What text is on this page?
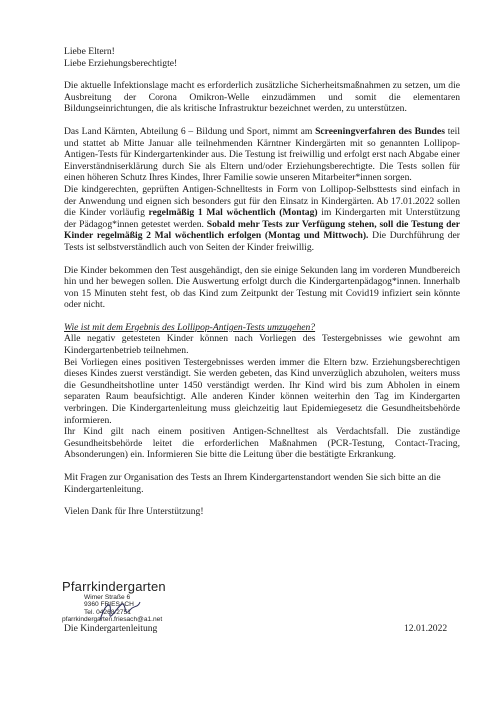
Liebe Eltern!
Liebe Erziehungsberechtigte!

Die aktuelle Infektionslage macht es erforderlich zusätzliche Sicherheitsmaßnahmen zu setzen, um die Ausbreitung der Corona Omikron-Welle einzudämmen und somit die elementaren Bildungseinrichtungen, die als kritische Infrastruktur bezeichnet werden, zu unterstützen.

Das Land Kärnten, Abteilung 6 – Bildung und Sport, nimmt am Screeningverfahren des Bundes teil und stattet ab Mitte Januar alle teilnehmenden Kärntner Kindergärten mit so genannten Lollipop-Antigen-Tests für Kindergartenkinder aus. Die Testung ist freiwillig und erfolgt erst nach Abgabe einer Einverständniserklärung durch Sie als Eltern und/oder Erziehungsberechtigte. Die Tests sollen für einen höheren Schutz Ihres Kindes, Ihrer Familie sowie unseren Mitarbeiter*innen sorgen.
Die kindgerechten, geprüften Antigen-Schnelltests in Form von Lollipop-Selbsttests sind einfach in der Anwendung und eignen sich besonders gut für den Einsatz in Kindergärten. Ab 17.01.2022 sollen die Kinder vorläufig regelmäßig 1 Mal wöchentlich (Montag) im Kindergarten mit Unterstützung der Pädagog*innen getestet werden. Sobald mehr Tests zur Verfügung stehen, soll die Testung der Kinder regelmäßig 2 Mal wöchentlich erfolgen (Montag und Mittwoch). Die Durchführung der Tests ist selbstverständlich auch von Seiten der Kinder freiwillig.

Die Kinder bekommen den Test ausgehändigt, den sie einige Sekunden lang im vorderen Mundbereich hin und her bewegen sollen. Die Auswertung erfolgt durch die Kindergartenpädagog*innen. Innerhalb von 15 Minuten steht fest, ob das Kind zum Zeitpunkt der Testung mit Covid19 infiziert sein könnte oder nicht.

Wie ist mit dem Ergebnis des Lollipop-Antigen-Tests umzugehen?
Alle negativ getesteten Kinder können nach Vorliegen des Testergebnisses wie gewohnt am Kindergartenbetrieb teilnehmen.
Bei Vorliegen eines positiven Testergebnisses werden immer die Eltern bzw. Erziehungsberechtigen dieses Kindes zuerst verständigt. Sie werden gebeten, das Kind unverzüglich abzuholen, weiters muss die Gesundheitshotline unter 1450 verständigt werden. Ihr Kind wird bis zum Abholen in einem separaten Raum beaufsichtigt. Alle anderen Kinder können weiterhin den Tag im Kindergarten verbringen. Die Kindergartenleitung muss gleichzeitig laut Epidemiegesetz die Gesundheitsbehörde informieren.
Ihr Kind gilt nach einem positiven Antigen-Schnelltest als Verdachtsfall. Die zuständige Gesundheitsbehörde leitet die erforderlichen Maßnahmen (PCR-Testung, Contact-Tracing, Absonderungen) ein. Informieren Sie bitte die Leitung über die bestätigte Erkrankung.

Mit Fragen zur Organisation des Tests an Ihrem Kindergartenstandort wenden Sie sich bitte an die Kindergartenleitung.

Vielen Dank für Ihre Unterstützung!

Pfarrkindergarten
Wimer Straße 6
9360 FRIESACH
Tel. 04268/2751
pfarrkindergarten.friesach@a1.net
Die Kindergartenleitung	12.01.2022
